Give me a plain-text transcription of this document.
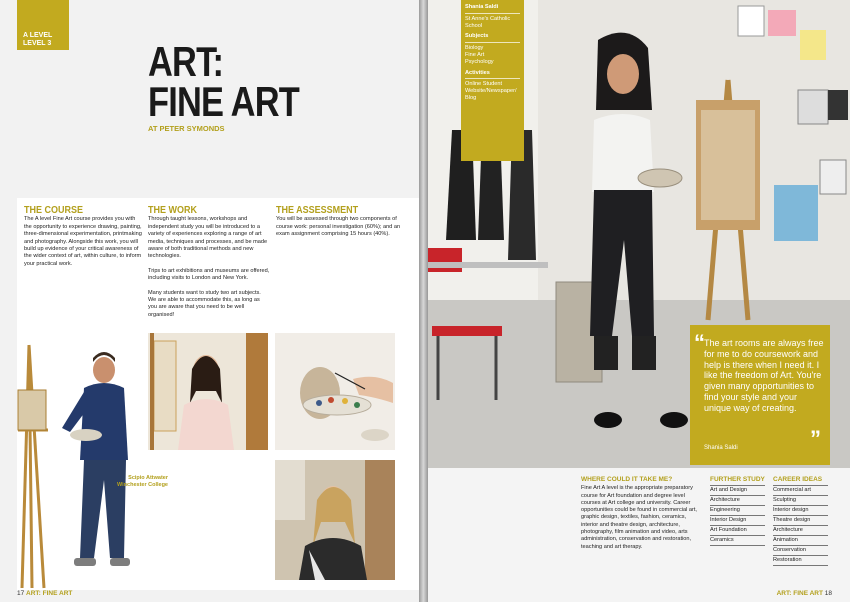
A LEVEL
LEVEL 3 ART:
FINE ART
AT PETER SYMONDS
THE COURSE

The A level Fine Art course provides you with the opportunity to experience drawing, painting, three-dimensional experimentation, printmaking and photography. Alongside this work, you will build up evidence of your critical awareness of the wider context of art, within culture, to inform your practical work.

THE WORK

Through taught lessons, workshops and independent study you will be introduced to a variety of experiences exploring a range of art media, techniques and processes, and be made aware of both traditional methods and new technologies.

Trips to art exhibitions and museums are offered, including visits to London and New York.

Many students want to study two art subjects. We are able to accommodate this, as long as you are aware that you need to be well organised!

THE ASSESSMENT

You will be assessed through two components of course work: personal investigation (60%); and an exam assignment comprising 15 hours (40%).

Scipio Attwater
Winchester College
17 ART: FINE ART
Shania Saldi
St Anne's Catholic School
Subjects
Biology
Fine Art
Psychology
Activities
Online Student Website/Newspaper/ Blog
“ The art rooms are always free for me to do coursework and help is there when I need it. I like the freedom of Art. You're given many opportunities to find your style and your unique way of creating.
”
Shania Saldi
WHERE COULD IT TAKE ME?
Fine Art A level is the appropriate preparatory course for Art foundation and degree level courses at Art college and university. Career opportunities could be found in commercial art, graphic design, textiles, fashion, ceramics, interior and theatre design, architecture, photography, film animation and video, arts administration, conservation and restoration, teaching and art therapy.
FURTHER STUDY
Art and Design
Architecture
Engineering
Interior Design
Art Foundation
Ceramics
CAREER IDEAS
Commercial art
Sculpting
Interior design
Theatre design
Architecture
Animation
Conservation
Restoration
ART: FINE ART 18
